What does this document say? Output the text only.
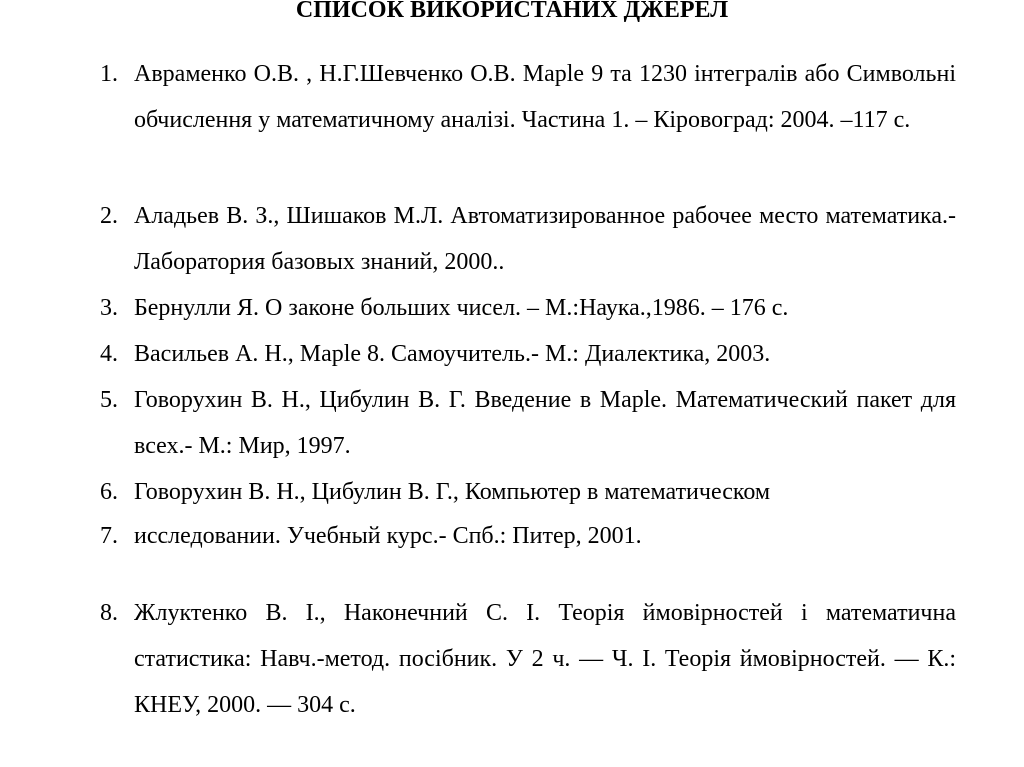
СПИСОК ВИКОРИСТАНИХ ДЖЕРЕЛ
1. Авраменко О.В. , Н.Г.Шевченко О.В. Maple 9 та 1230 інтегралів або Символьні обчислення у математичному аналізі. Частина 1. – Кіровоград: 2004. –117 с.
2. Аладьев В. З., Шишаков М.Л. Автоматизированное рабочее место математика.- Лаборатория базовых знаний, 2000..
3. Бернулли Я. О законе больших чисел. – М.:Наука.,1986. – 176 с.
4. Васильев А. Н., Maple 8. Самоучитель.- М.: Диалектика, 2003.
5. Говорухин В. Н., Цибулин В. Г. Введение в Maple. Математический пакет для всех.- М.: Мир, 1997.
6. Говорухин В. Н., Цибулин В. Г., Компьютер в математическом
7. исследовании. Учебный курс.- Спб.: Питер, 2001.
8. Жлуктенко В. І., Наконечний С. І. Теорія ймовірностей і математична статистика: Навч.-метод. посібник. У 2 ч. — Ч. І. Теорія ймовірностей. — К.: КНЕУ, 2000. — 304 с.
